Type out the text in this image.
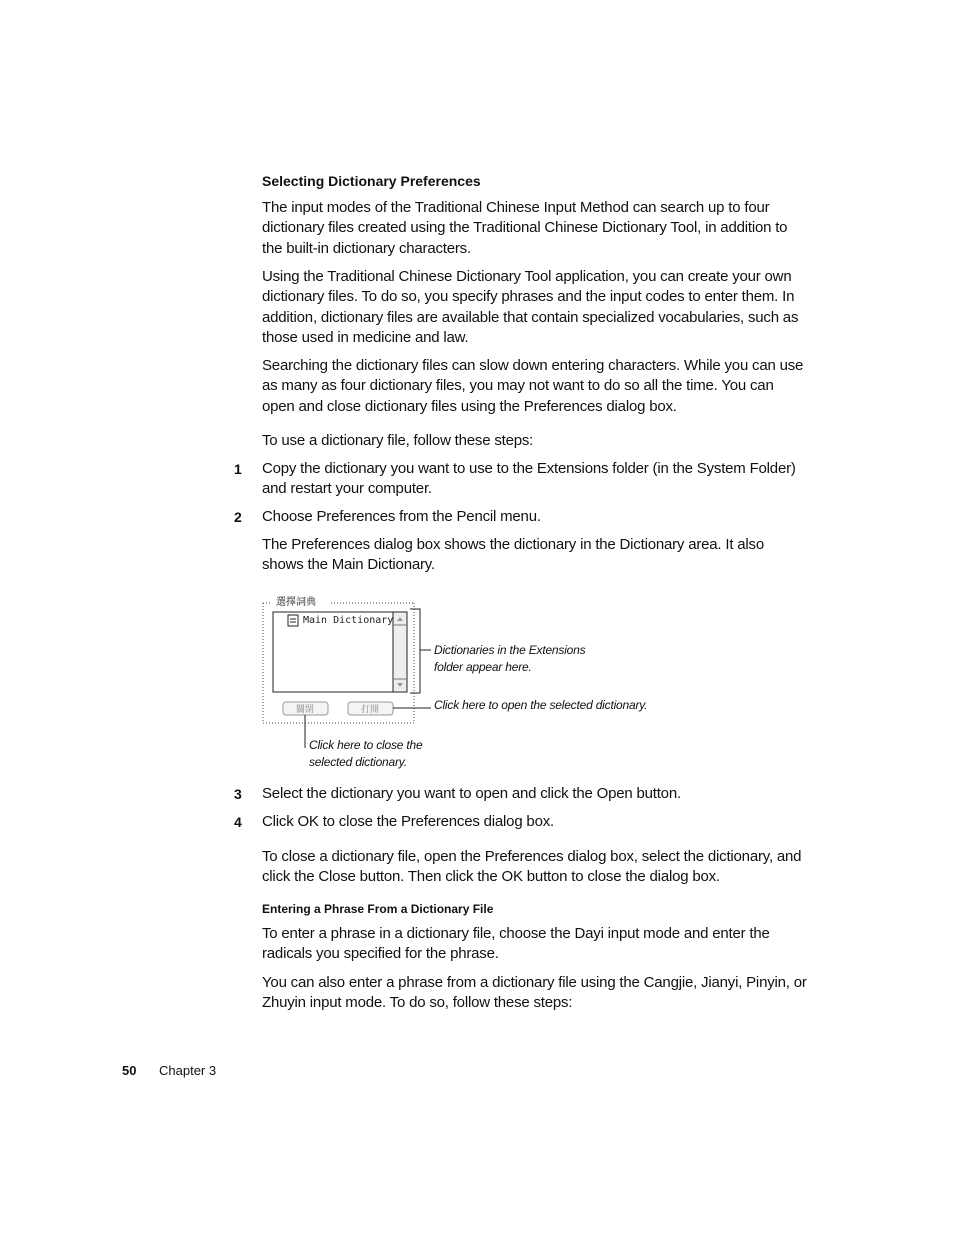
Selecting Dictionary Preferences
The input modes of the Traditional Chinese Input Method can search up to four dictionary files created using the Traditional Chinese Dictionary Tool, in addition to the built-in dictionary characters.
Using the Traditional Chinese Dictionary Tool application, you can create your own dictionary files. To do so, you specify phrases and the input codes to enter them. In addition, dictionary files are available that contain specialized vocabularies, such as those used in medicine and law.
Searching the dictionary files can slow down entering characters. While you can use as many as four dictionary files, you may not want to do so all the time. You can open and close dictionary files using the Preferences dialog box.
To use a dictionary file, follow these steps:
1 Copy the dictionary you want to use to the Extensions folder (in the System Folder) and restart your computer.
2 Choose Preferences from the Pencil menu.
The Preferences dialog box shows the dictionary in the Dictionary area. It also shows the Main Dictionary.
選擇詞典
Main Dictionary
關閉	打開
Dictionaries in the Extensions
folder appear here.
Click here to open the selected dictionary.
Click here to close the
selected dictionary.
3 Select the dictionary you want to open and click the Open button.
4 Click OK to close the Preferences dialog box.
To close a dictionary file, open the Preferences dialog box, select the dictionary, and click the Close button. Then click the OK button to close the dialog box.
Entering a Phrase From a Dictionary File
To enter a phrase in a dictionary file, choose the Dayi input mode and enter the radicals you specified for the phrase.
You can also enter a phrase from a dictionary file using the Cangjie, Jianyi, Pinyin, or Zhuyin input mode. To do so, follow these steps:
50 Chapter 3
